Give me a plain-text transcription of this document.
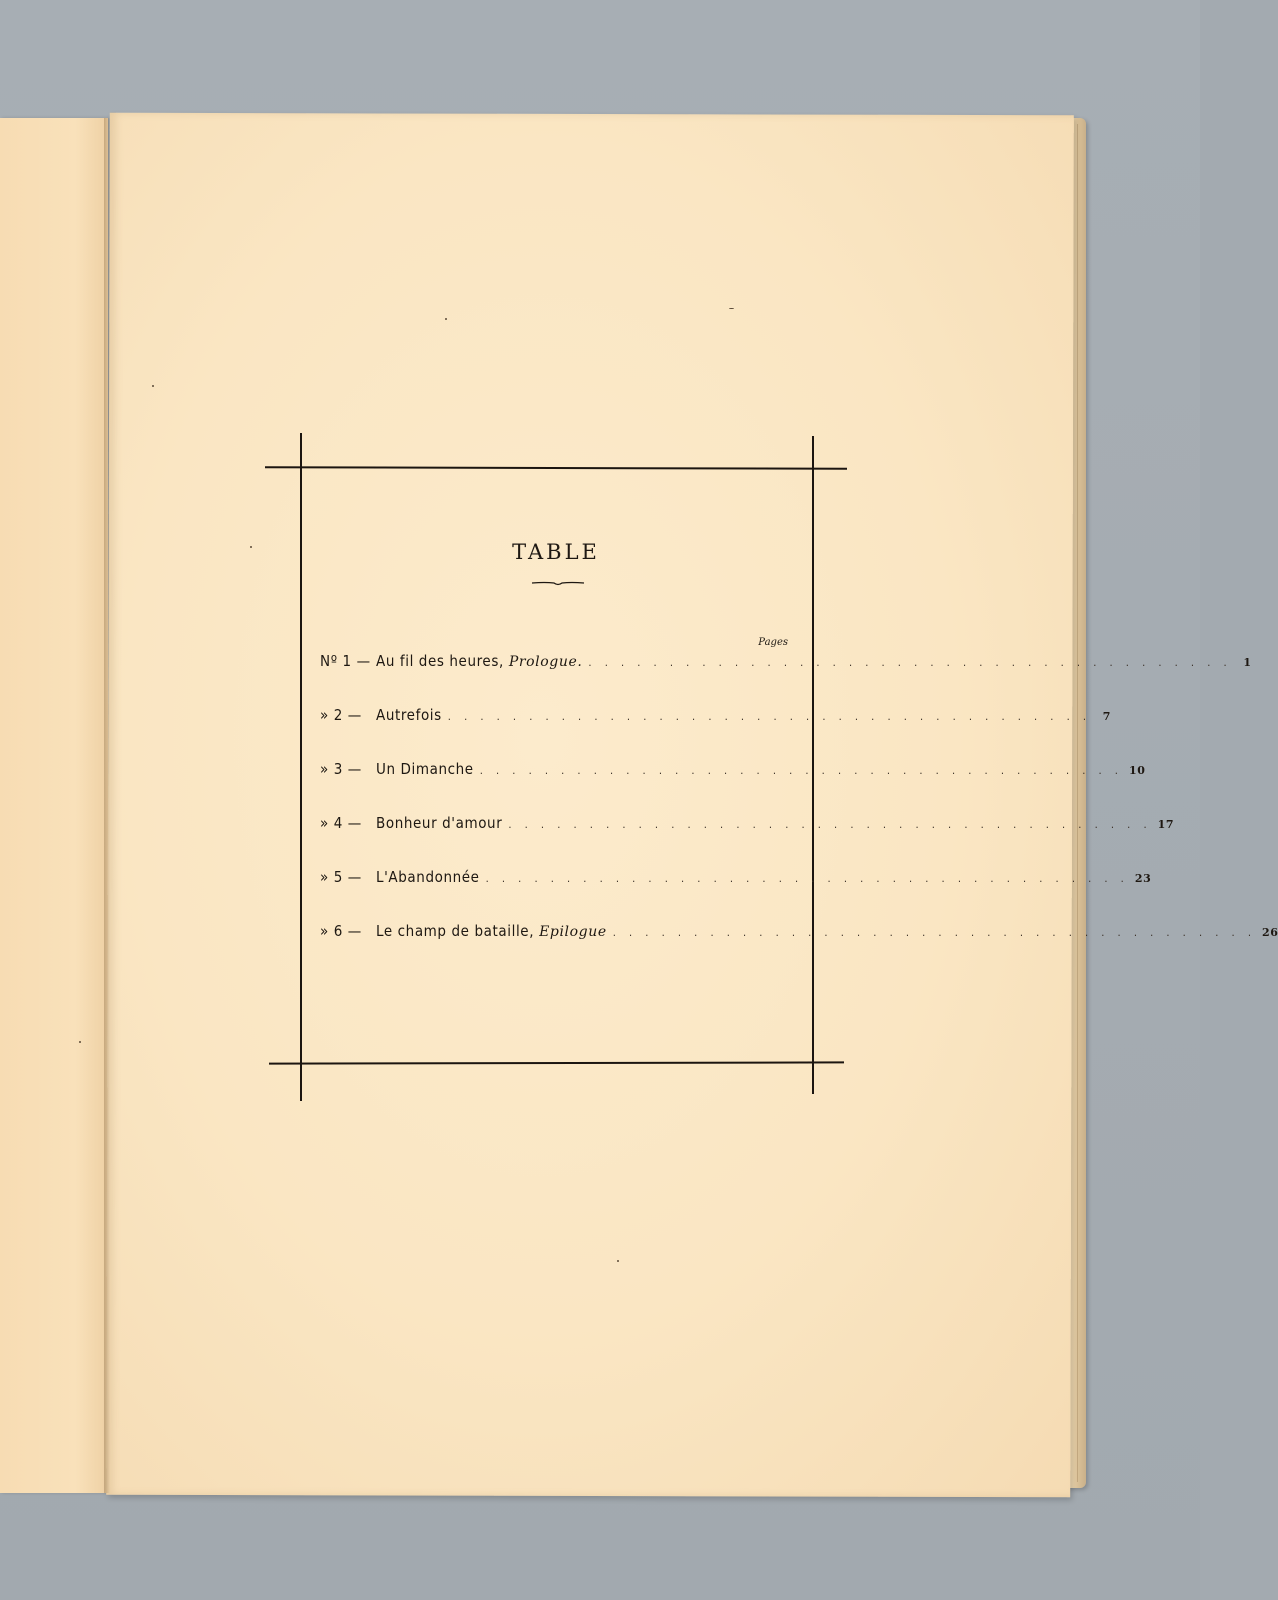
TABLE
Pages
Nº 1 — Au fil des heures, Prologue. . . . . . . . . . . . . . . . . . . . . . . . . . . . . . . . . . . . . . . . .	1
» 2 — Autrefois . . . . . . . . . . . . . . . . . . . . . . . . . . . . . . . . . . . . . . . .	7
» 3 — Un Dimanche . . . . . . . . . . . . . . . . . . . . . . . . . . . . . . . . . . . . . . . . 10
» 4 — Bonheur d'amour . . . . . . . . . . . . . . . . . . . . . . . . . . . . . . . . . . . . . . . . 17
» 5 — L'Abandonnée . . . . . . . . . . . . . . . . . . . . . . . . . . . . . . . . . . . . . . . . 23
» 6 — Le champ de bataille, Epilogue . . . . . . . . . . . . . . . . . . . . . . . . . . . . . . . . . . . . . . . . 26
